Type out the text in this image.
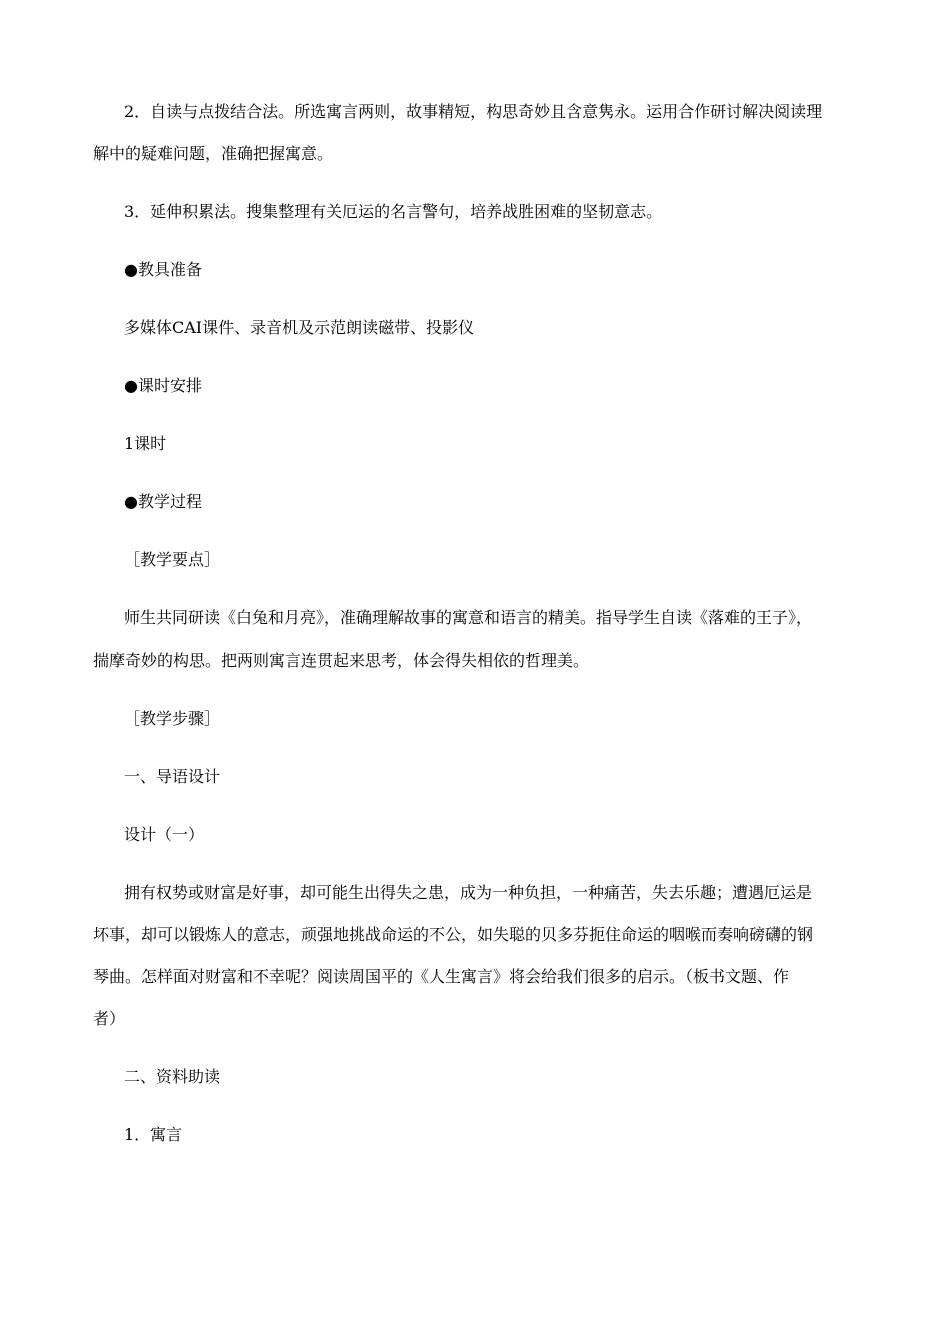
2．自读与点拨结合法。所选寓言两则，故事精短，构思奇妙且含意隽永。运用合作研讨解决阅读理
解中的疑难问题，准确把握寓意。
3．延伸积累法。搜集整理有关厄运的名言警句，培养战胜困难的坚韧意志。
●教具准备
多媒体CAI课件、录音机及示范朗读磁带、投影仪
●课时安排
1课时
●教学过程
［教学要点］
师生共同研读《白兔和月亮》，准确理解故事的寓意和语言的精美。指导学生自读《落难的王子》，
揣摩奇妙的构思。把两则寓言连贯起来思考，体会得失相依的哲理美。
［教学步骤］
一、导语设计
设计（一）
拥有权势或财富是好事，却可能生出得失之患，成为一种负担，一种痛苦，失去乐趣；遭遇厄运是
坏事，却可以锻炼人的意志，顽强地挑战命运的不公，如失聪的贝多芬扼住命运的咽喉而奏响磅礴的钢
琴曲。怎样面对财富和不幸呢？阅读周国平的《人生寓言》将会给我们很多的启示。（板书文题、作
者）
二、资料助读
1．寓言
